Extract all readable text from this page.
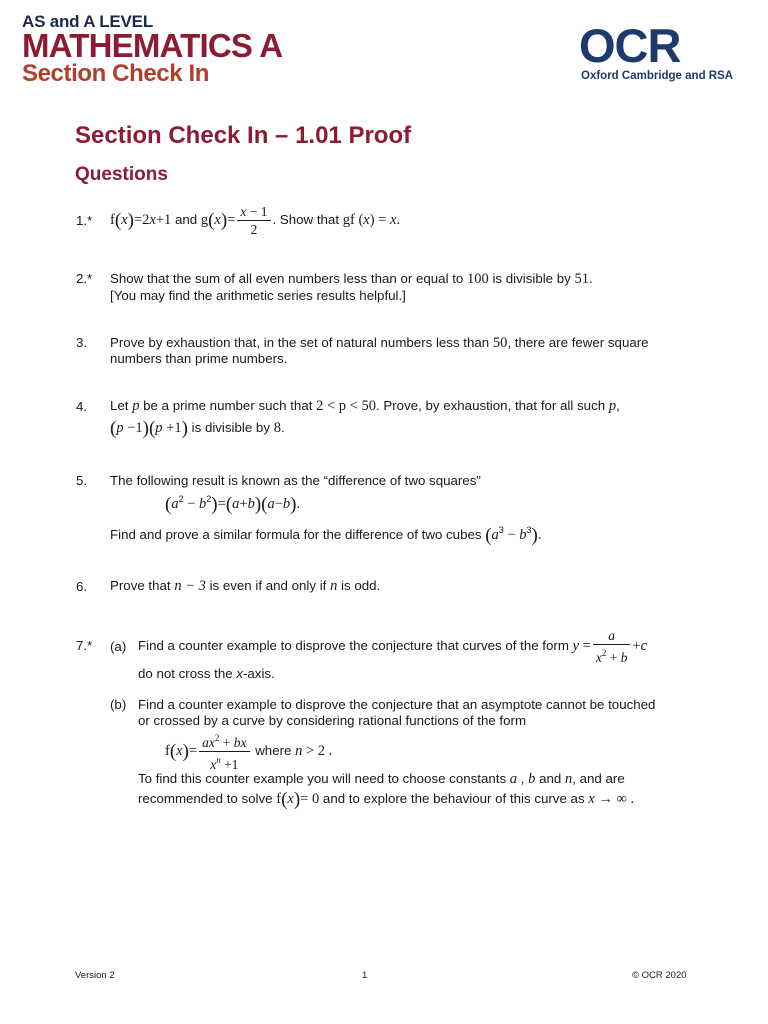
AS and A LEVEL
MATHEMATICS A
Section Check In
OCR
Oxford Cambridge and RSA
Section Check In – 1.01 Proof
Questions
1.* f(x)=2x+1 and $g(x)= \frac{x - 1}{2}$ . Show that gf (x) = x.
2.* Show that the sum of all even numbers less than or equal to 100 is divisible by 51.
[You may find the arithmetic series results helpful.]
3. Prove by exhaustion that, in the set of natural numbers less than 50, there are fewer square
numbers than prime numbers.
4. Let p be a prime number such that 2 < p < 50. Prove, by exhaustion, that for all such p,
(p −1)(p +1) is divisible by 8.
5. The following result is known as the “difference of two squares”
$(a^2 - b^2)=(a+b)(a-b)$.
Find and prove a similar formula for the difference of two cubes $(a^3 - b^3)$.
6. Prove that n − 3 is even if and only if n is odd.
7.* (a) Find a counter example to disprove the conjecture that curves of the form $y = \frac{a}{x^2 + b} +c$
do not cross the x-axis.
(b) Find a counter example to disprove the conjecture that an asymptote cannot be touched
or crossed by a curve by considering rational functions of the form
$f(x)= \frac{ax^2 + bx}{x^n +1}$ where n > 2 .
To find this counter example you will need to choose constants a , b and n, and are
recommended to solve f(x)= 0 and to explore the behaviour of this curve as x → ∞ .
Version 2	1	© OCR 2020
